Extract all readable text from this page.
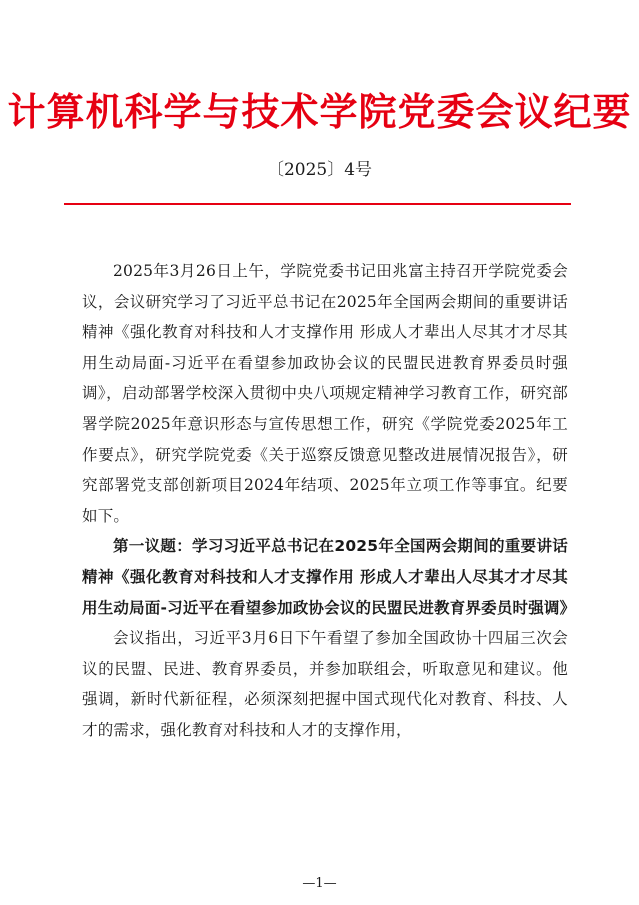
计算机科学与技术学院党委会议纪要
〔2025〕4号

2025年3月26日上午，学院党委书记田兆富主持召开学院党委会议，会议研究学习了习近平总书记在2025年全国两会期间的重要讲话精神《强化教育对科技和人才支撑作用 形成人才辈出人尽其才才尽其用生动局面-习近平在看望参加政协会议的民盟民进教育界委员时强调》，启动部署学校深入贯彻中央八项规定精神学习教育工作，研究部署学院2025年意识形态与宣传思想工作，研究《学院党委2025年工作要点》，研究学院党委《关于巡察反馈意见整改进展情况报告》，研究部署党支部创新项目2024年结项、2025年立项工作等事宜。纪要如下。

第一议题：学习习近平总书记在2025年全国两会期间的重要讲话精神《强化教育对科技和人才支撑作用 形成人才辈出人尽其才才尽其用生动局面-习近平在看望参加政协会议的民盟民进教育界委员时强调》

会议指出，习近平3月6日下午看望了参加全国政协十四届三次会议的民盟、民进、教育界委员，并参加联组会，听取意见和建议。他强调，新时代新征程，必须深刻把握中国式现代化对教育、科技、人才的需求，强化教育对科技和人才的支撑作用，

—1—
